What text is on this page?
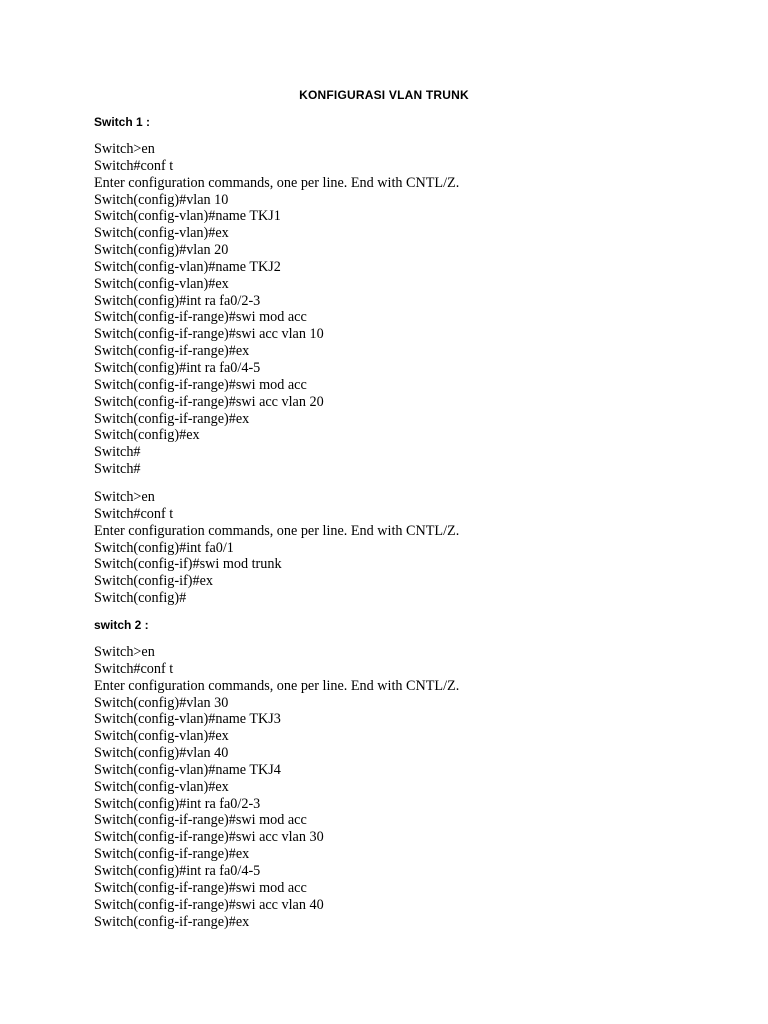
KONFIGURASI VLAN TRUNK
Switch 1 :
Switch>en
Switch#conf t
Enter configuration commands, one per line. End with CNTL/Z.
Switch(config)#vlan 10
Switch(config-vlan)#name TKJ1
Switch(config-vlan)#ex
Switch(config)#vlan 20
Switch(config-vlan)#name TKJ2
Switch(config-vlan)#ex
Switch(config)#int ra fa0/2-3
Switch(config-if-range)#swi mod acc
Switch(config-if-range)#swi acc vlan 10
Switch(config-if-range)#ex
Switch(config)#int ra fa0/4-5
Switch(config-if-range)#swi mod acc
Switch(config-if-range)#swi acc vlan 20
Switch(config-if-range)#ex
Switch(config)#ex
Switch#
Switch#
Switch>en
Switch#conf t
Enter configuration commands, one per line. End with CNTL/Z.
Switch(config)#int fa0/1
Switch(config-if)#swi mod trunk
Switch(config-if)#ex
Switch(config)#
switch 2 :
Switch>en
Switch#conf t
Enter configuration commands, one per line. End with CNTL/Z.
Switch(config)#vlan 30
Switch(config-vlan)#name TKJ3
Switch(config-vlan)#ex
Switch(config)#vlan 40
Switch(config-vlan)#name TKJ4
Switch(config-vlan)#ex
Switch(config)#int ra fa0/2-3
Switch(config-if-range)#swi mod acc
Switch(config-if-range)#swi acc vlan 30
Switch(config-if-range)#ex
Switch(config)#int ra fa0/4-5
Switch(config-if-range)#swi mod acc
Switch(config-if-range)#swi acc vlan 40
Switch(config-if-range)#ex
